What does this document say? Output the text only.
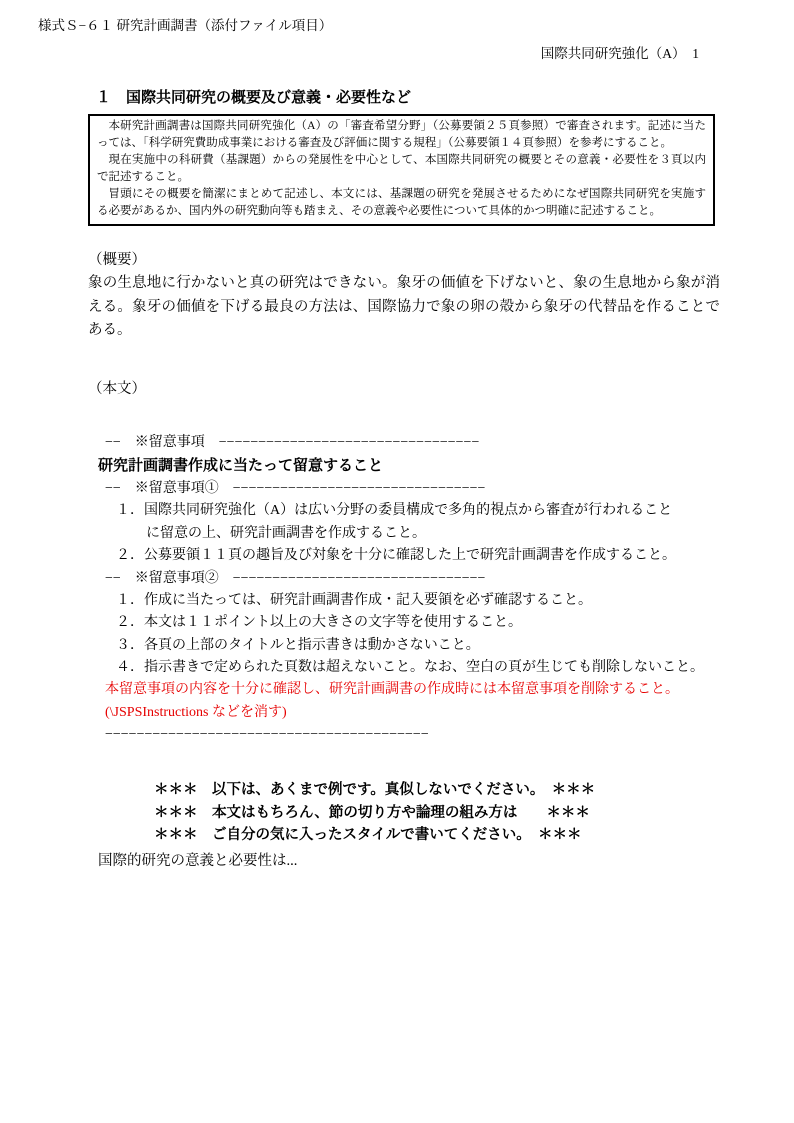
様式Ｓ−６１ 研究計画調書（添付ファイル項目）
国際共同研究強化（A）　1
１　国際共同研究の概要及び意義・必要性など

本研究計画調書は国際共同研究強化（A）の「審査希望分野」（公募要領２５頁参照）で審査されます。記述に当たっては、「科学研究費助成事業における審査及び評価に関する規程」（公募要領１４頁参照）を参考にすること。

現在実施中の科研費（基課題）からの発展性を中心として、本国際共同研究の概要とその意義・必要性を３頁以内で記述すること。

冒頭にその概要を簡潔にまとめて記述し、本文には、基課題の研究を発展させるためになぜ国際共同研究を実施する必要があるか、国内外の研究動向等も踏まえ、その意義や必要性について具体的かつ明確に記述すること。

（概要）
象の生息地に行かないと真の研究はできない。象牙の価値を下げないと、象の生息地から象が消える。象牙の価値を下げる最良の方法は、国際協力で象の卵の殻から象牙の代替品を作ることである。
（本文）
−−　※留意事項　−−−−−−−−−−−−−−−−−−−−−−−−−−−−−−−−−
研究計画調書作成に当たって留意すること
−−　※留意事項①　−−−−−−−−−−−−−−−−−−−−−−−−−−−−−−−−
１．国際共同研究強化（A）は広い分野の委員構成で多角的視点から審査が行われること
に留意の上、研究計画調書を作成すること。
２．公募要領１１頁の趣旨及び対象を十分に確認した上で研究計画調書を作成すること。
−−　※留意事項②　−−−−−−−−−−−−−−−−−−−−−−−−−−−−−−−−
１．作成に当たっては、研究計画調書作成・記入要領を必ず確認すること。
２．本文は１１ポイント以上の大きさの文字等を使用すること。
３．各頁の上部のタイトルと指示書きは動かさないこと。
４．指示書きで定められた頁数は超えないこと。なお、空白の頁が生じても削除しないこと。
本留意事項の内容を十分に確認し、研究計画調書の作成時には本留意事項を削除すること。
(\JSPSInstructions などを消す)
−−−−−−−−−−−−−−−−−−−−−−−−−−−−−−−−−−−−−−−−−
＊＊＊　以下は、あくまで例です。真似しないでください。　＊＊＊
＊＊＊　本文はもちろん、節の切り方や論理の組み方は　　＊＊＊
＊＊＊　ご自分の気に入ったスタイルで書いてください。　＊＊＊
国際的研究の意義と必要性は...
